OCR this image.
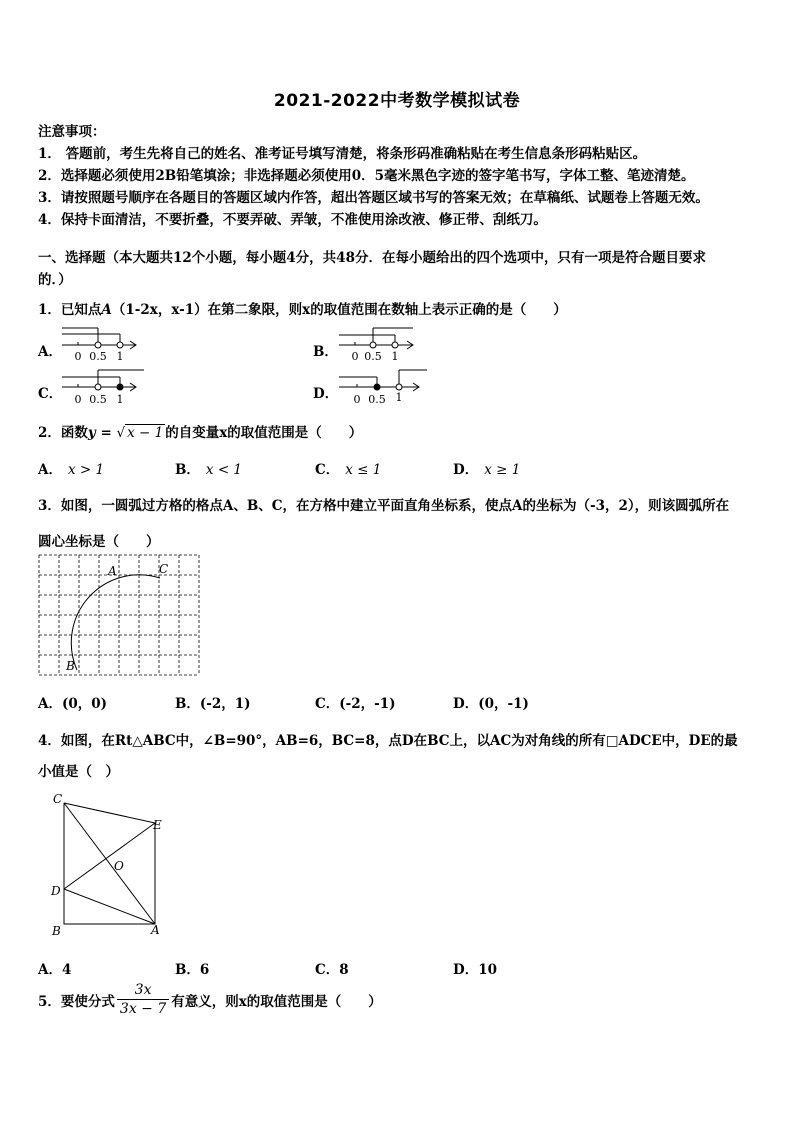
2021-2022中考数学模拟试卷
注意事项：
1． 答题前，考生先将自己的姓名、准考证号填写清楚，将条形码准确粘贴在考生信息条形码粘贴区。
2．选择题必须使用2B铅笔填涂；非选择题必须使用0．5毫米黑色字迹的签字笔书写，字体工整、笔迹清楚。
3．请按照题号顺序在各题目的答题区域内作答，超出答题区域书写的答案无效；在草稿纸、试题卷上答题无效。
4．保持卡面清洁，不要折叠，不要弄破、弄皱，不准使用涂改液、修正带、刮纸刀。
一、选择题（本大题共12个小题，每小题4分，共48分．在每小题给出的四个选项中，只有一项是符合题目要求
的．）
1．已知点A（1-2x，x-1）在第二象限，则x的取值范围在数轴上表示正确的是（　　）
A． 0 0.5 1	B． 0 0.5 1
C． 0 0.5 1	D． 0 0.5 1
2．函数y = √ x − 1 的自变量x的取值范围是（　　）
A． x > 1	B． x < 1	C． x ≤ 1	D． x ≥ 1
3．如图，一圆弧过方格的格点A、B、C，在方格中建立平面直角坐标系，使点A的坐标为（-3，2），则该圆弧所在
圆心坐标是（　　）
A
B
C
A．(0，0)	B．(-2，1)	C．(-2，-1)	D．(0，-1)
4．如图，在Rt△ABC中，∠B=90°，AB=6，BC=8，点D在BC上，以AC为对角线的所有□ADCE中，DE的最
小值是（　）
C
E
O
D
B	A
A．4	B．6	C．8	D．10
5．要使分式 $\frac{3x}{3x - 7}$ 有意义，则x的取值范围是（　　）
